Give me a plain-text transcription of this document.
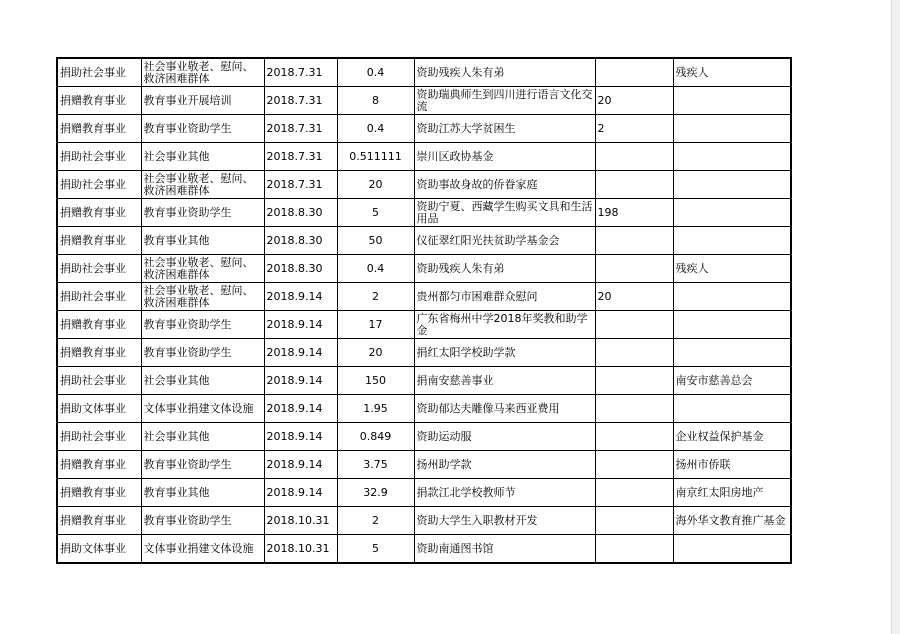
捐助社会事业	社会事业敬老、慰问、救济困难群体	2018.7.31	0.4	资助残疾人朱有弟		残疾人
捐赠教育事业	教育事业开展培训	2018.7.31	8	资助瑞典师生到四川进行语言文化交流	20	
捐赠教育事业	教育事业资助学生	2018.7.31	0.4	资助江苏大学贫困生	2	
捐助社会事业	社会事业其他	2018.7.31	0.511111	崇川区政协基金		
捐助社会事业	社会事业敬老、慰问、救济困难群体	2018.7.31	20	资助事故身故的侨眷家庭		
捐赠教育事业	教育事业资助学生	2018.8.30	5	资助宁夏、西藏学生购买文具和生活用品	198	
捐赠教育事业	教育事业其他	2018.8.30	50	仪征翠红阳光扶贫助学基金会		
捐助社会事业	社会事业敬老、慰问、救济困难群体	2018.8.30	0.4	资助残疾人朱有弟		残疾人
捐助社会事业	社会事业敬老、慰问、救济困难群体	2018.9.14	2	贵州都匀市困难群众慰问	20	
捐赠教育事业	教育事业资助学生	2018.9.14	17	广东省梅州中学2018年奖教和助学金		
捐赠教育事业	教育事业资助学生	2018.9.14	20	捐红太阳学校助学款		
捐助社会事业	社会事业其他	2018.9.14	150	捐南安慈善事业		南安市慈善总会
捐助文体事业	文体事业捐建文体设施	2018.9.14	1.95	资助郁达夫雕像马来西亚费用		
捐助社会事业	社会事业其他	2018.9.14	0.849	资助运动服		企业权益保护基金
捐赠教育事业	教育事业资助学生	2018.9.14	3.75	扬州助学款		扬州市侨联
捐赠教育事业	教育事业其他	2018.9.14	32.9	捐款江北学校教师节		南京红太阳房地产
捐赠教育事业	教育事业资助学生	2018.10.31	2	资助大学生入职教材开发		海外华文教育推广基金
捐助文体事业	文体事业捐建文体设施	2018.10.31	5	资助南通图书馆		
